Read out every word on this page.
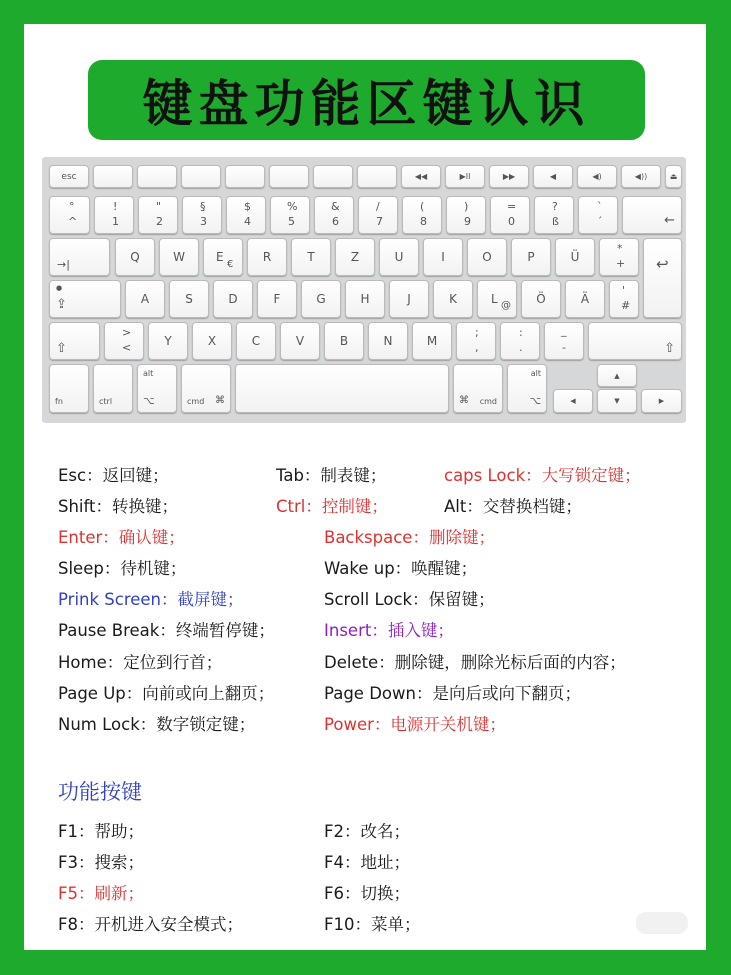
键盘功能区键认识
esc	◀◀	▶II	▶▶	◀	◀)	◀))	⏏
°
^
!
1
"
2
§
3
$
4
%
5
&
6
/
7
(
8
)
9
=
0
?
ß
`
´	←
→|
Q	W	E
€
R	T	Z	U	I	O	P	Ü
*
+ ↩
●
⇪	A	S	D	F	G	H	J	K	L @ Ö	Ä
'
#
⇧
>
<	Y	X	C	V	B	N	M
;
,
:
.
_
-	⇧
fn	ctrl
alt
⌥	cmd ⌘	⌘ cmd
alt
⌥	◀
▲
▼	▶
Esc：返回键；	Tab：制表键；	caps Lock：大写锁定键；
Shift：转换键；	Ctrl：控制键；	Alt：交替换档键；
Enter：确认键；	Backspace：删除键；
Sleep：待机键；	Wake up：唤醒键；
Prink Screen：截屏键；	Scroll Lock：保留键；
Pause Break：终端暂停键；	Insert：插入键；
Home：定位到行首；	Delete：删除键，删除光标后面的内容；
Page Up：向前或向上翻页；	Page Down：是向后或向下翻页；
Num Lock：数字锁定键；	Power：电源开关机键；
功能按键
F1：帮助；	F2：改名；
F3：搜索；	F4：地址；
F5：刷新；	F6：切换；
F8：开机进入安全模式；	F10：菜单；
